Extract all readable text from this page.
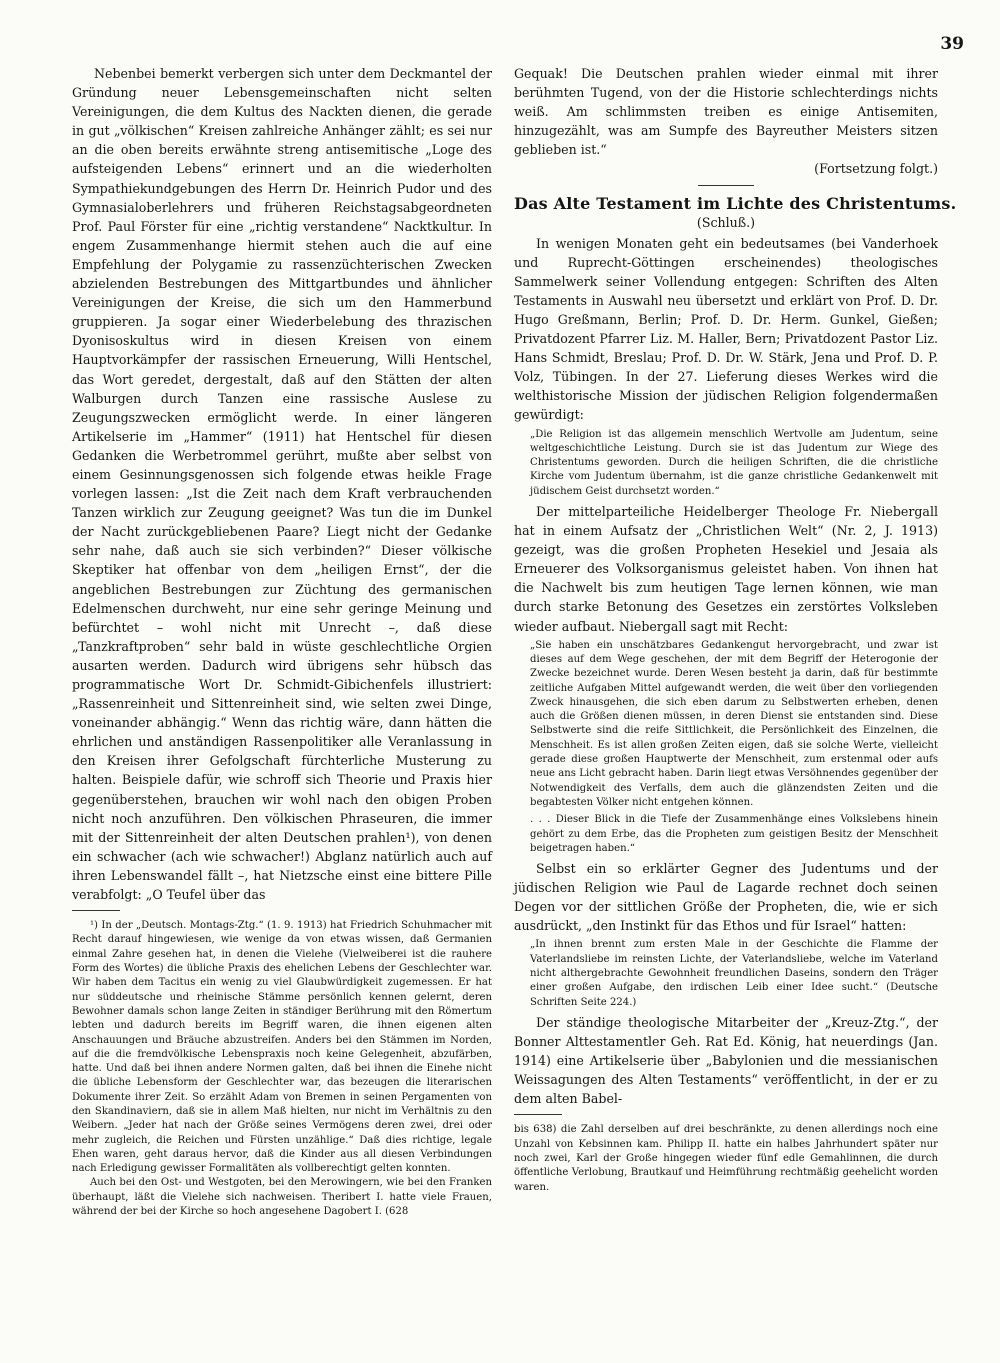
39

Nebenbei bemerkt verbergen sich unter dem Deckmantel der Gründung neuer Lebensgemeinschaften nicht selten Vereinigungen, die dem Kultus des Nackten dienen, die gerade in gut „völkischen“ Kreisen zahlreiche Anhänger zählt; es sei nur an die oben bereits erwähnte streng antisemitische „Loge des aufsteigenden Lebens“ erinnert und an die wiederholten Sympathiekundgebungen des Herrn Dr. Heinrich Pudor und des Gymnasialoberlehrers und früheren Reichstagsabgeordneten Prof. Paul Förster für eine „richtig verstandene“ Nacktkultur. In engem Zusammenhange hiermit stehen auch die auf eine Empfehlung der Polygamie zu rassenzüchterischen Zwecken abzielenden Bestrebungen des Mittgartbundes und ähnlicher Vereinigungen der Kreise, die sich um den Hammerbund gruppieren. Ja sogar einer Wiederbelebung des thrazischen Dyonisoskultus wird in diesen Kreisen von einem Hauptvorkämpfer der rassischen Erneuerung, Willi Hentschel, das Wort geredet, dergestalt, daß auf den Stätten der alten Walburgen durch Tanzen eine rassische Auslese zu Zeugungszwecken ermöglicht werde. In einer längeren Artikelserie im „Hammer“ (1911) hat Hentschel für diesen Gedanken die Werbetrommel gerührt, mußte aber selbst von einem Gesinnungsgenossen sich folgende etwas heikle Frage vorlegen lassen: „Ist die Zeit nach dem Kraft verbrauchenden Tanzen wirklich zur Zeugung geeignet? Was tun die im Dunkel der Nacht zurückgebliebenen Paare? Liegt nicht der Gedanke sehr nahe, daß auch sie sich verbinden?“ Dieser völkische Skeptiker hat offenbar von dem „heiligen Ernst“, der die angeblichen Bestrebungen zur Züchtung des germanischen Edelmenschen durchweht, nur eine sehr geringe Meinung und befürchtet – wohl nicht mit Unrecht –, daß diese „Tanzkraftproben“ sehr bald in wüste geschlechtliche Orgien ausarten werden. Dadurch wird übrigens sehr hübsch das programmatische Wort Dr. Schmidt-Gibichenfels illustriert: „Rassenreinheit und Sittenreinheit sind, wie selten zwei Dinge, voneinander abhängig.“ Wenn das richtig wäre, dann hätten die ehrlichen und anständigen Rassenpolitiker alle Veranlassung in den Kreisen ihrer Gefolgschaft fürchterliche Musterung zu halten. Beispiele dafür, wie schroff sich Theorie und Praxis hier gegenüberstehen, brauchen wir wohl nach den obigen Proben nicht noch anzuführen. Den völkischen Phraseuren, die immer mit der Sittenreinheit der alten Deutschen prahlen¹), von denen ein schwacher (ach wie schwacher!) Abglanz natürlich auch auf ihren Lebenswandel fällt –, hat Nietzsche einst eine bittere Pille verabfolgt: „O Teufel über das

¹) In der „Deutsch. Montags-Ztg.“ (1. 9. 1913) hat Friedrich Schuhmacher mit Recht darauf hingewiesen, wie wenige da von etwas wissen, daß Germanien einmal Zahre gesehen hat, in denen die Vielehe (Vielweiberei ist die rauhere Form des Wortes) die übliche Praxis des ehelichen Lebens der Geschlechter war. Wir haben dem Tacitus ein wenig zu viel Glaubwürdigkeit zugemessen. Er hat nur süddeutsche und rheinische Stämme persönlich kennen gelernt, deren Bewohner damals schon lange Zeiten in ständiger Berührung mit den Römertum lebten und dadurch bereits im Begriff waren, die ihnen eigenen alten Anschauungen und Bräuche abzustreifen. Anders bei den Stämmen im Norden, auf die die fremdvölkische Lebenspraxis noch keine Gelegenheit, abzufärben, hatte. Und daß bei ihnen andere Normen galten, daß bei ihnen die Einehe nicht die übliche Lebensform der Geschlechter war, das bezeugen die literarischen Dokumente ihrer Zeit. So erzählt Adam von Bremen in seinen Pergamenten von den Skandinaviern, daß sie in allem Maß hielten, nur nicht im Verhältnis zu den Weibern. „Jeder hat nach der Größe seines Vermögens deren zwei, drei oder mehr zugleich, die Reichen und Fürsten unzählige.“ Daß dies richtige, legale Ehen waren, geht daraus hervor, daß die Kinder aus all diesen Verbindungen nach Erledigung gewisser Formalitäten als vollberechtigt gelten konnten.

Auch bei den Ost- und Westgoten, bei den Merowingern, wie bei den Franken überhaupt, läßt die Vielehe sich nachweisen. Theribert I. hatte viele Frauen, während der bei der Kirche so hoch angesehene Dagobert I. (628

Gequak! Die Deutschen prahlen wieder einmal mit ihrer berühmten Tugend, von der die Historie schlechterdings nichts weiß. Am schlimmsten treiben es einige Antisemiten, hinzugezählt, was am Sumpfe des Bayreuther Meisters sitzen geblieben ist.“

(Fortsetzung folgt.)

Das Alte Testament im Lichte des Christentums.
(Schluß.)

In wenigen Monaten geht ein bedeutsames (bei Vanderhoek und Ruprecht-Göttingen erscheinendes) theologisches Sammelwerk seiner Vollendung entgegen: Schriften des Alten Testaments in Auswahl neu übersetzt und erklärt von Prof. D. Dr. Hugo Greßmann, Berlin; Prof. D. Dr. Herm. Gunkel, Gießen; Privatdozent Pfarrer Liz. M. Haller, Bern; Privatdozent Pastor Liz. Hans Schmidt, Breslau; Prof. D. Dr. W. Stärk, Jena und Prof. D. P. Volz, Tübingen. In der 27. Lieferung dieses Werkes wird die welthistorische Mission der jüdischen Religion folgendermaßen gewürdigt:

„Die Religion ist das allgemein menschlich Wertvolle am Judentum, seine weltgeschichtliche Leistung. Durch sie ist das Judentum zur Wiege des Christentums geworden. Durch die heiligen Schriften, die die christliche Kirche vom Judentum übernahm, ist die ganze christliche Gedankenwelt mit jüdischem Geist durchsetzt worden.“

Der mittelparteiliche Heidelberger Theologe Fr. Niebergall hat in einem Aufsatz der „Christlichen Welt“ (Nr. 2, J. 1913) gezeigt, was die großen Propheten Hesekiel und Jesaia als Erneuerer des Volksorganismus geleistet haben. Von ihnen hat die Nachwelt bis zum heutigen Tage lernen können, wie man durch starke Betonung des Gesetzes ein zerstörtes Volksleben wieder aufbaut. Niebergall sagt mit Recht:

„Sie haben ein unschätzbares Gedankengut hervorgebracht, und zwar ist dieses auf dem Wege geschehen, der mit dem Begriff der Heterogonie der Zwecke bezeichnet wurde. Deren Wesen besteht ja darin, daß für bestimmte zeitliche Aufgaben Mittel aufgewandt werden, die weit über den vorliegenden Zweck hinausgehen, die sich eben darum zu Selbstwerten erheben, denen auch die Größen dienen müssen, in deren Dienst sie entstanden sind. Diese Selbstwerte sind die reife Sittlichkeit, die Persönlichkeit des Einzelnen, die Menschheit. Es ist allen großen Zeiten eigen, daß sie solche Werte, vielleicht gerade diese großen Hauptwerte der Menschheit, zum erstenmal oder aufs neue ans Licht gebracht haben. Darin liegt etwas Versöhnendes gegenüber der Notwendigkeit des Verfalls, dem auch die glänzendsten Zeiten und die begabtesten Völker nicht entgehen können.

. . . Dieser Blick in die Tiefe der Zusammenhänge eines Volkslebens hinein gehört zu dem Erbe, das die Propheten zum geistigen Besitz der Menschheit beigetragen haben.“

Selbst ein so erklärter Gegner des Judentums und der jüdischen Religion wie Paul de Lagarde rechnet doch seinen Degen vor der sittlichen Größe der Propheten, die, wie er sich ausdrückt, „den Instinkt für das Ethos und für Israel“ hatten:

„In ihnen brennt zum ersten Male in der Geschichte die Flamme der Vaterlandsliebe im reinsten Lichte, der Vaterlandsliebe, welche im Vaterland nicht althergebrachte Gewohnheit freundlichen Daseins, sondern den Träger einer großen Aufgabe, den irdischen Leib einer Idee sucht.“ (Deutsche Schriften Seite 224.)

Der ständige theologische Mitarbeiter der „Kreuz-Ztg.“, der Bonner Alttestamentler Geh. Rat Ed. König, hat neuerdings (Jan. 1914) eine Artikelserie über „Babylonien und die messianischen Weissagungen des Alten Testaments“ veröffentlicht, in der er zu dem alten Babel-

bis 638) die Zahl derselben auf drei beschränkte, zu denen allerdings noch eine Unzahl von Kebsinnen kam. Philipp II. hatte ein halbes Jahrhundert später nur noch zwei, Karl der Große hingegen wieder fünf edle Gemahlinnen, die durch öffentliche Verlobung, Brautkauf und Heimführung rechtmäßig geehelicht worden waren.
